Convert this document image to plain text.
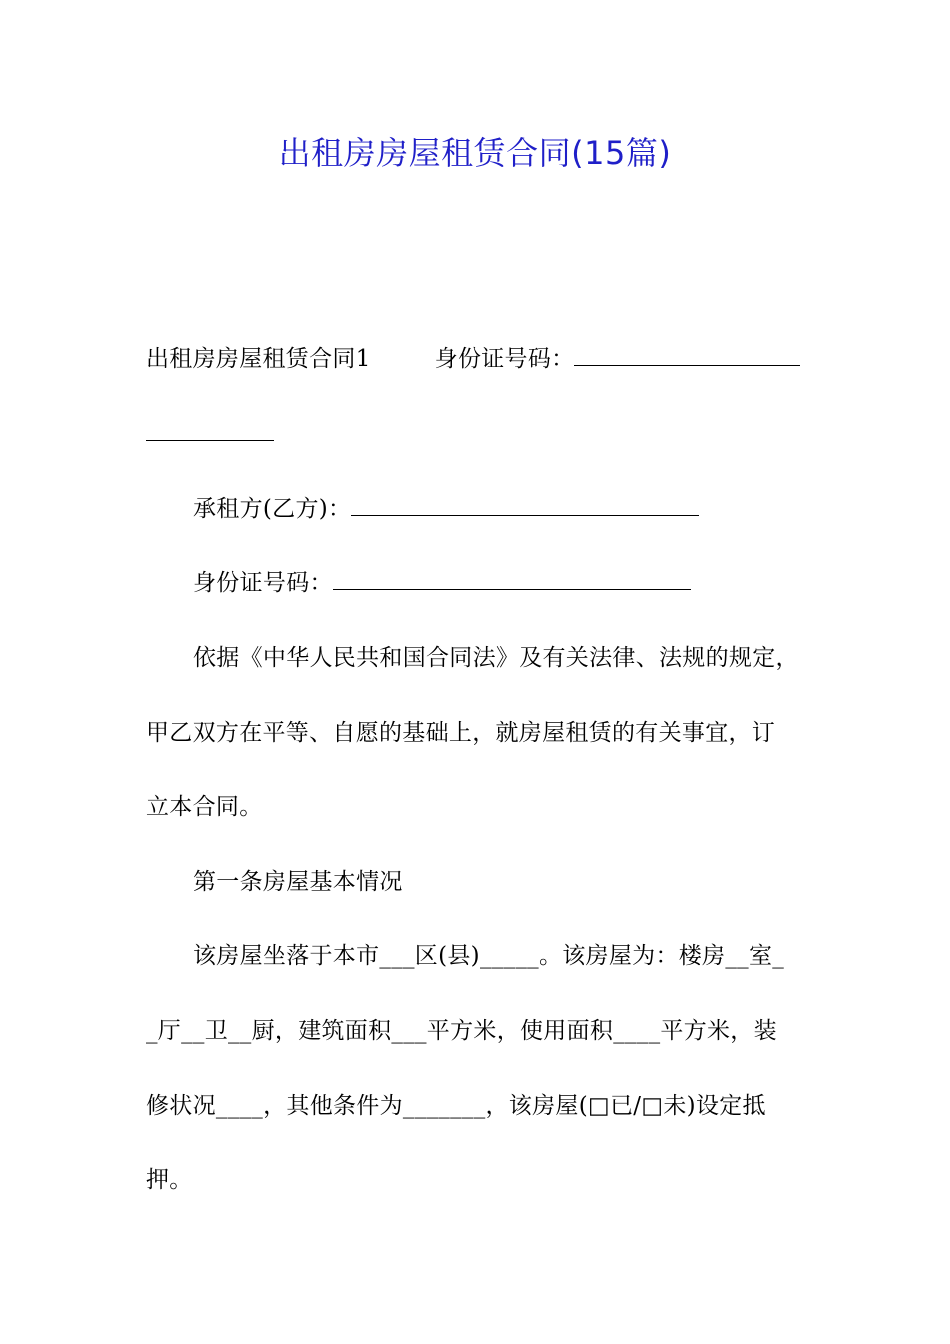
出租房房屋租赁合同(15篇)
出租房房屋租赁合同1	身份证号码：
承租方(乙方)：
身份证号码：
依据《中华人民共和国合同法》及有关法律、法规的规定，
甲乙双方在平等、自愿的基础上，就房屋租赁的有关事宜，订
立本合同。
第一条房屋基本情况
该房屋坐落于本市___区(县)_____。该房屋为：楼房__室_
_厅__卫__厨，建筑面积___平方米，使用面积____平方米，装
修状况____，其他条件为_______，该房屋(□已/□未)设定抵
押。
